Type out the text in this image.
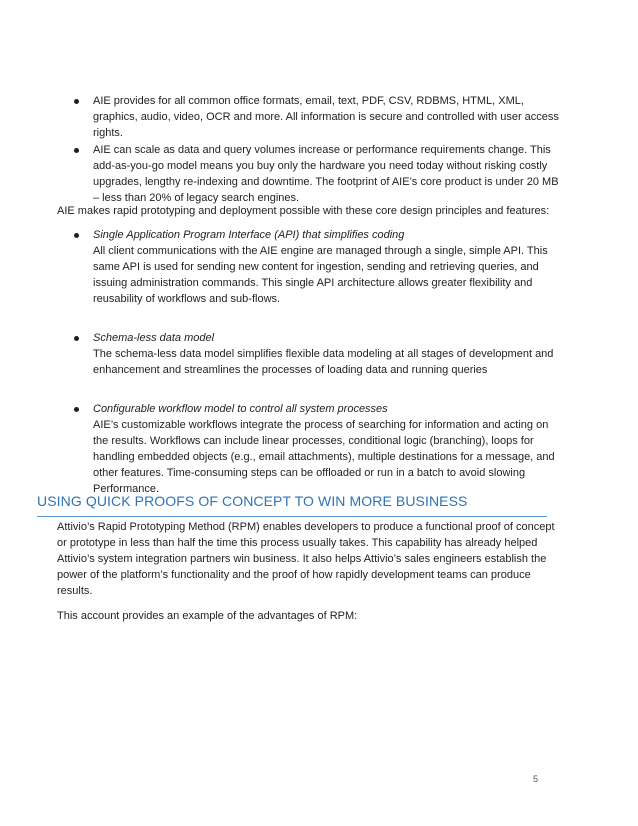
AIE provides for all common office formats, email, text, PDF, CSV, RDBMS, HTML, XML, graphics, audio, video, OCR and more. All information is secure and controlled with user access rights.
AIE can scale as data and query volumes increase or performance requirements change. This add-as-you-go model means you buy only the hardware you need today without risking costly upgrades, lengthy re-indexing and downtime. The footprint of AIE’s core product is under 20 MB – less than 20% of legacy search engines.

AIE makes rapid prototyping and deployment possible with these core design principles and features:

Single Application Program Interface (API) that simplifies coding
All client communications with the AIE engine are managed through a single, simple API. This same API is used for sending new content for ingestion, sending and retrieving queries, and issuing administration commands. This single API architecture allows greater flexibility and reusability of workflows and sub-flows.
Schema-less data model
The schema-less data model simplifies flexible data modeling at all stages of development and enhancement and streamlines the processes of loading data and running queries
Configurable workflow model to control all system processes
AIE’s customizable workflows integrate the process of searching for information and acting on the results. Workflows can include linear processes, conditional logic (branching), loops for handling embedded objects (e.g., email attachments), multiple destinations for a message, and other features. Time-consuming steps can be offloaded or run in a batch to avoid slowing Performance.
USING QUICK PROOFS OF CONCEPT TO WIN MORE BUSINESS

Attivio’s Rapid Prototyping Method (RPM) enables developers to produce a functional proof of concept or prototype in less than half the time this process usually takes. This capability has already helped Attivio’s system integration partners win business. It also helps Attivio’s sales engineers establish the power of the platform’s functionality and the proof of how rapidly development teams can produce results.

This account provides an example of the advantages of RPM:

5
